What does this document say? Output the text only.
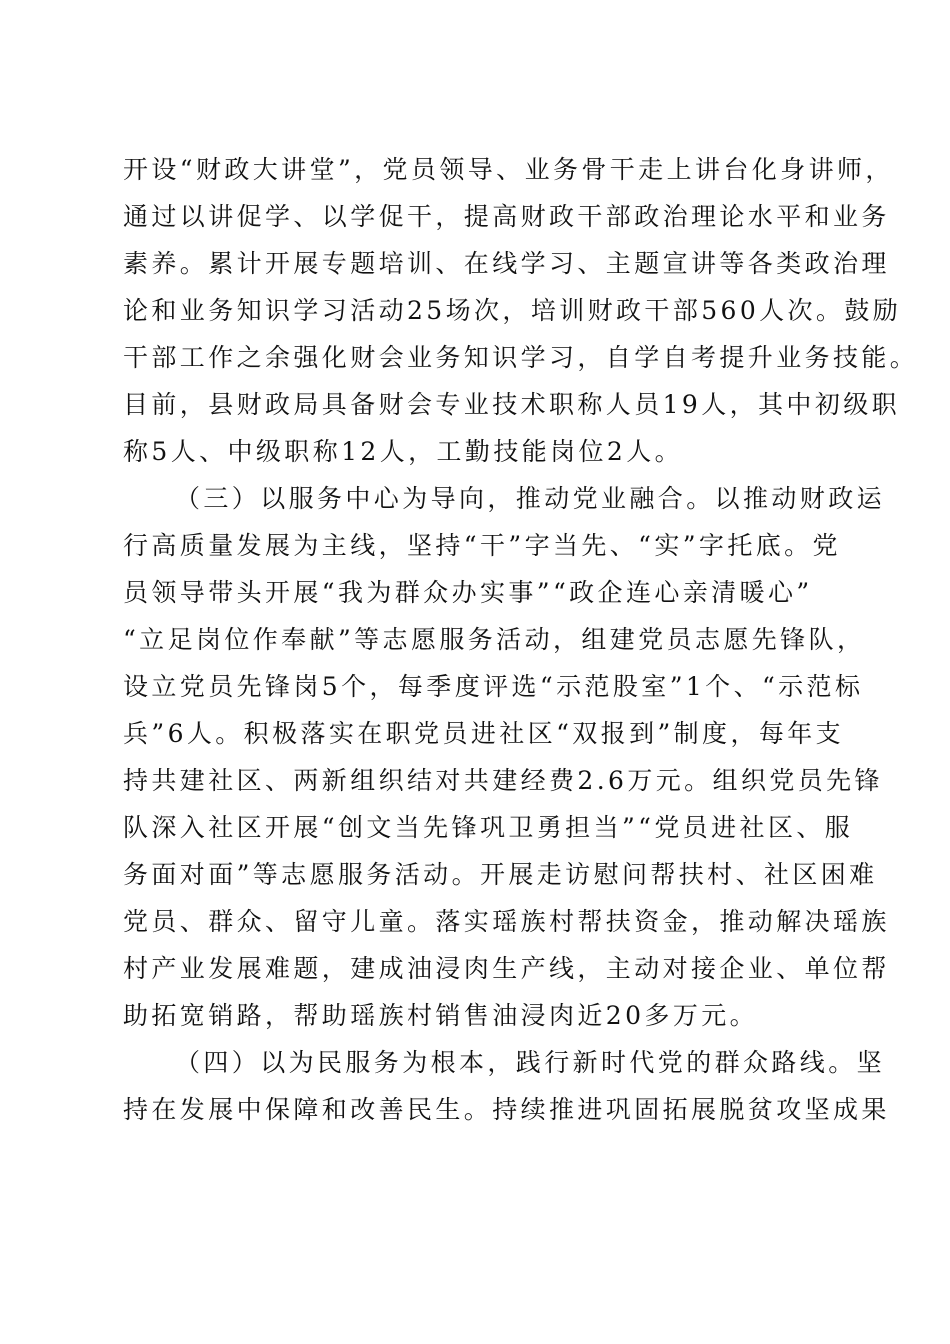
开设“财政大讲堂”，党员领导、业务骨干走上讲台化身讲师，
通过以讲促学、以学促干，提高财政干部政治理论水平和业务
素养。累计开展专题培训、在线学习、主题宣讲等各类政治理
论和业务知识学习活动25场次，培训财政干部560人次。鼓励
干部工作之余强化财会业务知识学习，自学自考提升业务技能。
目前，县财政局具备财会专业技术职称人员19人，其中初级职
称5人、中级职称12人，工勤技能岗位2人。
（三）以服务中心为导向，推动党业融合。以推动财政运
行高质量发展为主线，坚持“干”字当先、“实”字托底。党
员领导带头开展“我为群众办实事”“政企连心亲清暖心”
“立足岗位作奉献”等志愿服务活动，组建党员志愿先锋队，
设立党员先锋岗5个，每季度评选“示范股室”1个、“示范标
兵”6人。积极落实在职党员进社区“双报到”制度，每年支
持共建社区、两新组织结对共建经费2.6万元。组织党员先锋
队深入社区开展“创文当先锋巩卫勇担当”“党员进社区、服
务面对面”等志愿服务活动。开展走访慰问帮扶村、社区困难
党员、群众、留守儿童。落实瑶族村帮扶资金，推动解决瑶族
村产业发展难题，建成油浸肉生产线，主动对接企业、单位帮
助拓宽销路，帮助瑶族村销售油浸肉近20多万元。
（四）以为民服务为根本，践行新时代党的群众路线。坚
持在发展中保障和改善民生。持续推进巩固拓展脱贫攻坚成果
